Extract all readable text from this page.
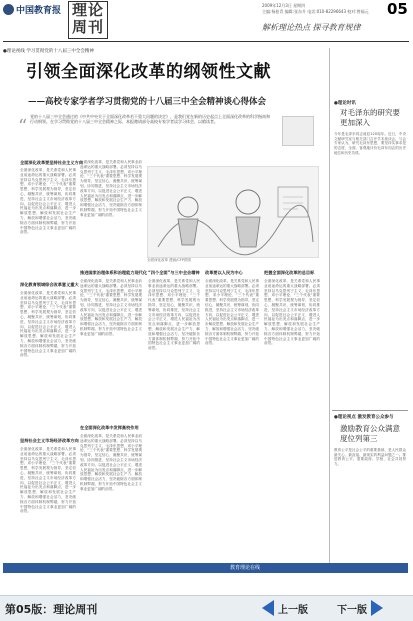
中国教育报 理论周刊
2009年12月3日 星期四
主编:杨桂青 编辑:张东升 电话:010-82296643 校对:曾福元 05
解析理论热点 探寻教育规律
●理论视线 学习贯彻党的十八届三中全会精神
引领全面深化改革的纲领性文献
——高校专家学者学习贯彻党的十八届三中全会精神谈心得体会
“ 党的十八届三中全会通过的《中共中央关于全面深化改革若干重大问题的决定》，是我们党在新的历史起点上全面深化改革的科学指南和行动纲领。在学习贯彻党的十八届三中全会精神之际，本报邀请部分高校专家学者谈学习体会，以飨读者。
全面深化改革要坚持社会主义方向
全面深化改革，是关系党和人民事业前途命运的重大战略部署。必须坚持以马克思列宁主义、毛泽东思想、邓小平理论、“三个代表”重要思想、科学发展观为指导，坚定信心，凝聚共识，统筹谋划，协同推进，坚持社会主义市场经济改革方向，以促进社会公平正义、增进人民福祉为出发点和落脚点，进一步解放思想、解放和发展社会生产力、解放和增强社会活力，坚决破除各方面体制机制弊端，努力开拓中国特色社会主义事业更加广阔的前景。
深化教育领域综合改革意义重大
全面深化改革，是关系党和人民事业前途命运的重大战略部署。必须坚持以马克思列宁主义、毛泽东思想、邓小平理论、“三个代表”重要思想、科学发展观为指导，坚定信心，凝聚共识，统筹谋划，协同推进，坚持社会主义市场经济改革方向，以促进社会公平正义、增进人民福祉为出发点和落脚点，进一步解放思想、解放和发展社会生产力、解放和增强社会活力，坚决破除各方面体制机制弊端，努力开拓中国特色社会主义事业更加广阔的前景。
坚持社会主义市场经济改革方向
全面深化改革，是关系党和人民事业前途命运的重大战略部署。必须坚持以马克思列宁主义、毛泽东思想、邓小平理论、“三个代表”重要思想、科学发展观为指导，坚定信心，凝聚共识，统筹谋划，协同推进，坚持社会主义市场经济改革方向，以促进社会公平正义、增进人民福祉为出发点和落脚点，进一步解放思想、解放和发展社会生产力、解放和增强社会活力，坚决破除各方面体制机制弊端，努力开拓中国特色社会主义事业更加广阔的前景。
全面深化改革，是关系党和人民事业前途命运的重大战略部署。必须坚持以马克思列宁主义、毛泽东思想、邓小平理论、“三个代表”重要思想、科学发展观为指导，坚定信心，凝聚共识，统筹谋划，协同推进，坚持社会主义市场经济改革方向，以促进社会公平正义、增进人民福祉为出发点和落脚点，进一步解放思想、解放和发展社会生产力、解放和增强社会活力，坚决破除各方面体制机制弊端，努力开拓中国特色社会主义事业更加广阔的前景。
推进国家治理体系和治理能力现代化
全面深化改革，是关系党和人民事业前途命运的重大战略部署。必须坚持以马克思列宁主义、毛泽东思想、邓小平理论、“三个代表”重要思想、科学发展观为指导，坚定信心，凝聚共识，统筹谋划，协同推进，坚持社会主义市场经济改革方向，以促进社会公平正义、增进人民福祉为出发点和落脚点，进一步解放思想、解放和发展社会生产力、解放和增强社会活力，坚决破除各方面体制机制弊端，努力开拓中国特色社会主义事业更加广阔的前景。
在全面深化改革中发挥高校作用
全面深化改革，是关系党和人民事业前途命运的重大战略部署。必须坚持以马克思列宁主义、毛泽东思想、邓小平理论、“三个代表”重要思想、科学发展观为指导，坚定信心，凝聚共识，统筹谋划，协同推进，坚持社会主义市场经济改革方向，以促进社会公平正义、增进人民福祉为出发点和落脚点，进一步解放思想、解放和发展社会生产力、解放和增强社会活力，坚决破除各方面体制机制弊端，努力开拓中国特色社会主义事业更加广阔的前景。
全面深化改革 漫画/CFP供图
“四个全面”与三中全会精神
全面深化改革，是关系党和人民事业前途命运的重大战略部署。必须坚持以马克思列宁主义、毛泽东思想、邓小平理论、“三个代表”重要思想、科学发展观为指导，坚定信心，凝聚共识，统筹谋划，协同推进，坚持社会主义市场经济改革方向，以促进社会公平正义、增进人民福祉为出发点和落脚点，进一步解放思想、解放和发展社会生产力、解放和增强社会活力，坚决破除各方面体制机制弊端，努力开拓中国特色社会主义事业更加广阔的前景。
改革要以人民为中心
全面深化改革，是关系党和人民事业前途命运的重大战略部署。必须坚持以马克思列宁主义、毛泽东思想、邓小平理论、“三个代表”重要思想、科学发展观为指导，坚定信心，凝聚共识，统筹谋划，协同推进，坚持社会主义市场经济改革方向，以促进社会公平正义、增进人民福祉为出发点和落脚点，进一步解放思想、解放和发展社会生产力、解放和增强社会活力，坚决破除各方面体制机制弊端，努力开拓中国特色社会主义事业更加广阔的前景。
把握全面深化改革的总目标
全面深化改革，是关系党和人民事业前途命运的重大战略部署。必须坚持以马克思列宁主义、毛泽东思想、邓小平理论、“三个代表”重要思想、科学发展观为指导，坚定信心，凝聚共识，统筹谋划，协同推进，坚持社会主义市场经济改革方向，以促进社会公平正义、增进人民福祉为出发点和落脚点，进一步解放思想、解放和发展社会生产力、解放和增强社会活力，坚决破除各方面体制机制弊端，努力开拓中国特色社会主义事业更加广阔的前景。
●理论时讯
对毛泽东的研究要更加深入
今年是毛泽东同志诞辰120周年。近日，中央文献研究室与相关部门召开学术座谈会，与会专家认为，研究毛泽东思想，要坚持实事求是的态度，全面、客观地评价毛泽东同志的历史地位和历史功绩。
●理论视点 激发教育公众参与
激励教育公众满意度位列第三
教育公平是社会公平的重要基础，是人民群众最关心、最直接、最现实的利益问题之一。推进教育公平，需要政府、学校、社会共同努力。
教育理论在线
第05版：理论周刊	上一版	下一版
